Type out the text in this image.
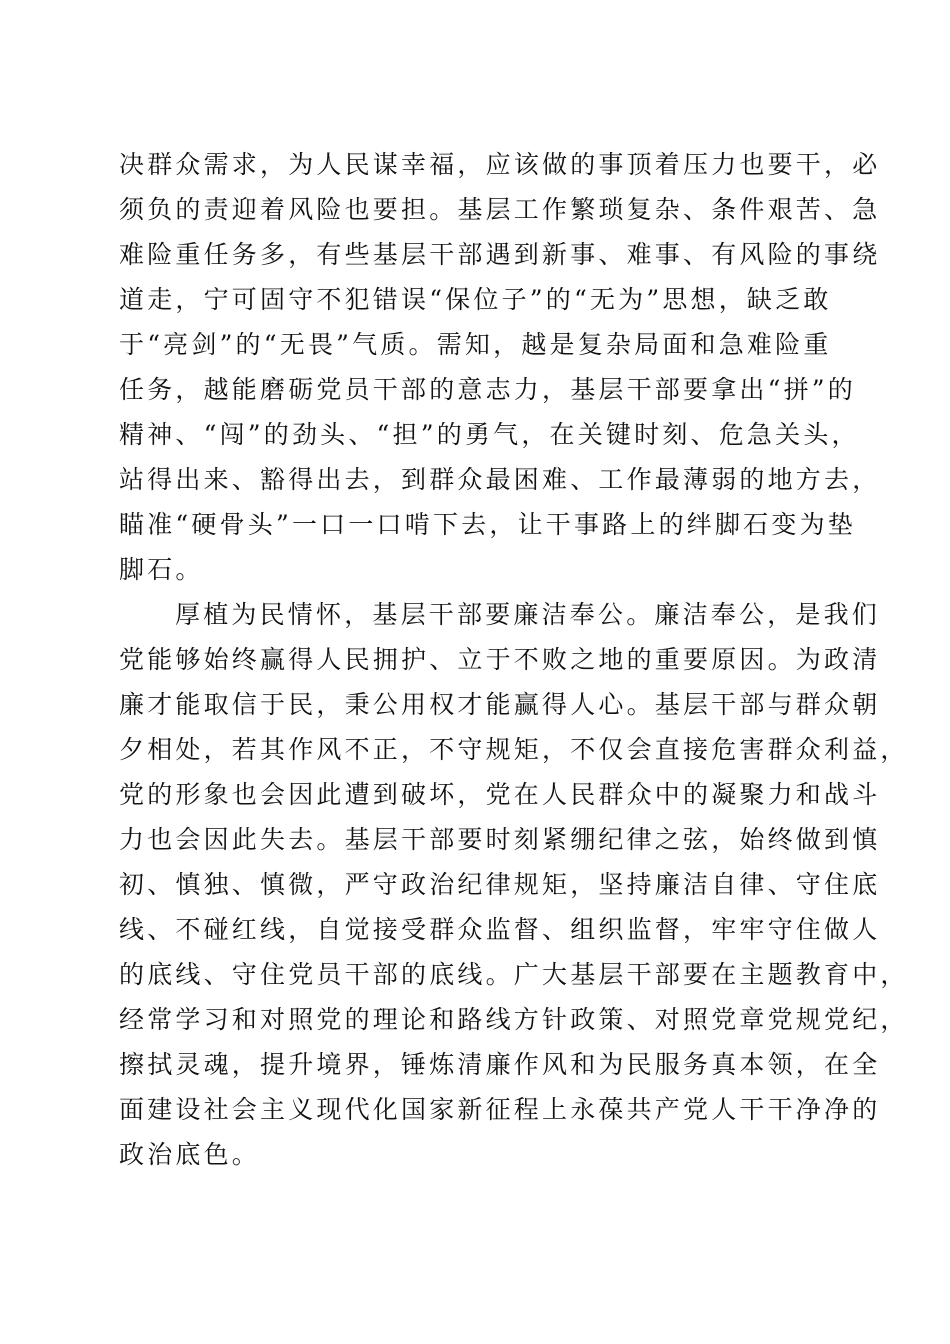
决群众需求，为人民谋幸福，应该做的事顶着压力也要干，必
须负的责迎着风险也要担。基层工作繁琐复杂、条件艰苦、急
难险重任务多，有些基层干部遇到新事、难事、有风险的事绕
道走，宁可固守不犯错误“保位子”的“无为”思想，缺乏敢
于“亮剑”的“无畏”气质。需知，越是复杂局面和急难险重
任务，越能磨砺党员干部的意志力，基层干部要拿出“拼”的
精神、“闯”的劲头、“担”的勇气，在关键时刻、危急关头，
站得出来、豁得出去，到群众最困难、工作最薄弱的地方去，
瞄准“硬骨头”一口一口啃下去，让干事路上的绊脚石变为垫
脚石。
厚植为民情怀，基层干部要廉洁奉公。廉洁奉公，是我们
党能够始终赢得人民拥护、立于不败之地的重要原因。为政清
廉才能取信于民，秉公用权才能赢得人心。基层干部与群众朝
夕相处，若其作风不正，不守规矩，不仅会直接危害群众利益，
党的形象也会因此遭到破坏，党在人民群众中的凝聚力和战斗
力也会因此失去。基层干部要时刻紧绷纪律之弦，始终做到慎
初、慎独、慎微，严守政治纪律规矩，坚持廉洁自律、守住底
线、不碰红线，自觉接受群众监督、组织监督，牢牢守住做人
的底线、守住党员干部的底线。广大基层干部要在主题教育中，
经常学习和对照党的理论和路线方针政策、对照党章党规党纪，
擦拭灵魂，提升境界，锤炼清廉作风和为民服务真本领，在全
面建设社会主义现代化国家新征程上永葆共产党人干干净净的
政治底色。
